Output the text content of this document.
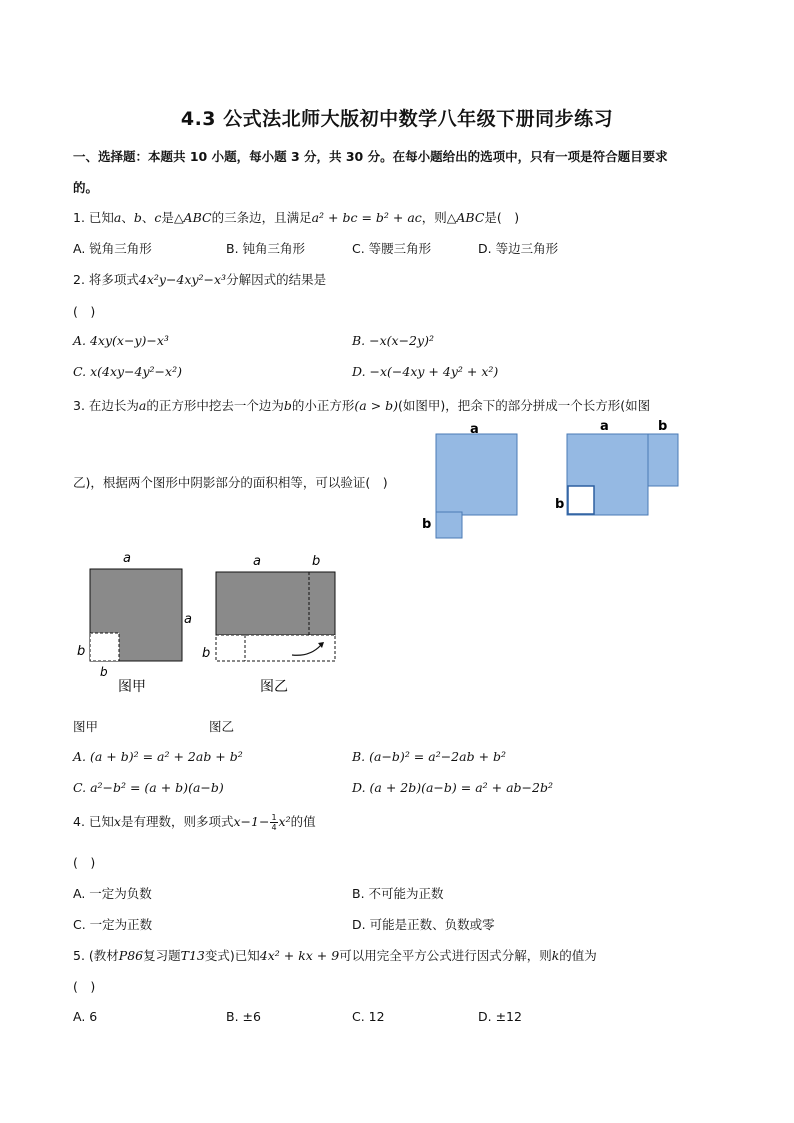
4.3 公式法北师大版初中数学八年级下册同步练习
一、选择题：本题共 10 小题，每小题 3 分，共 30 分。在每小题给出的选项中，只有一项是符合题目要求
的。
1. 已知a、b、c是△ABC的三条边，且满足a² + bc = b² + ac，则△ABC是(　)
A. 锐角三角形	B. 钝角三角形	C. 等腰三角形	D. 等边三角形
2. 将多项式4x²y−4xy²−x³分解因式的结果是
(　)
A. 4xy(x−y)−x³	B. −x(x−2y)²
C. x(4xy−4y²−x²)	D. −x(−4xy + 4y² + x²)
3. 在边长为a的正方形中挖去一个边为b的小正方形(a > b)(如图甲)，把余下的部分拼成一个长方形(如图
乙)，根据两个图形中阴影部分的面积相等，可以验证(　)
a
b
a	b
b
a
a
b
b
图甲
a	b
b
图乙
图甲	图乙
A. (a + b)² = a² + 2ab + b²	B. (a−b)² = a²−2ab + b²
C. a²−b² = (a + b)(a−b)	D. (a + 2b)(a−b) = a² + ab−2b²
4. 已知x是有理数，则多项式$x-1- \frac{1}{4} x^2$的值
(　)
A. 一定为负数	B. 不可能为正数
C. 一定为正数	D. 可能是正数、负数或零
5. (教材P86复习题T13变式)已知4x² + kx + 9可以用完全平方公式进行因式分解，则k的值为
(　)
A. 6	B. ±6	C. 12	D. ±12
